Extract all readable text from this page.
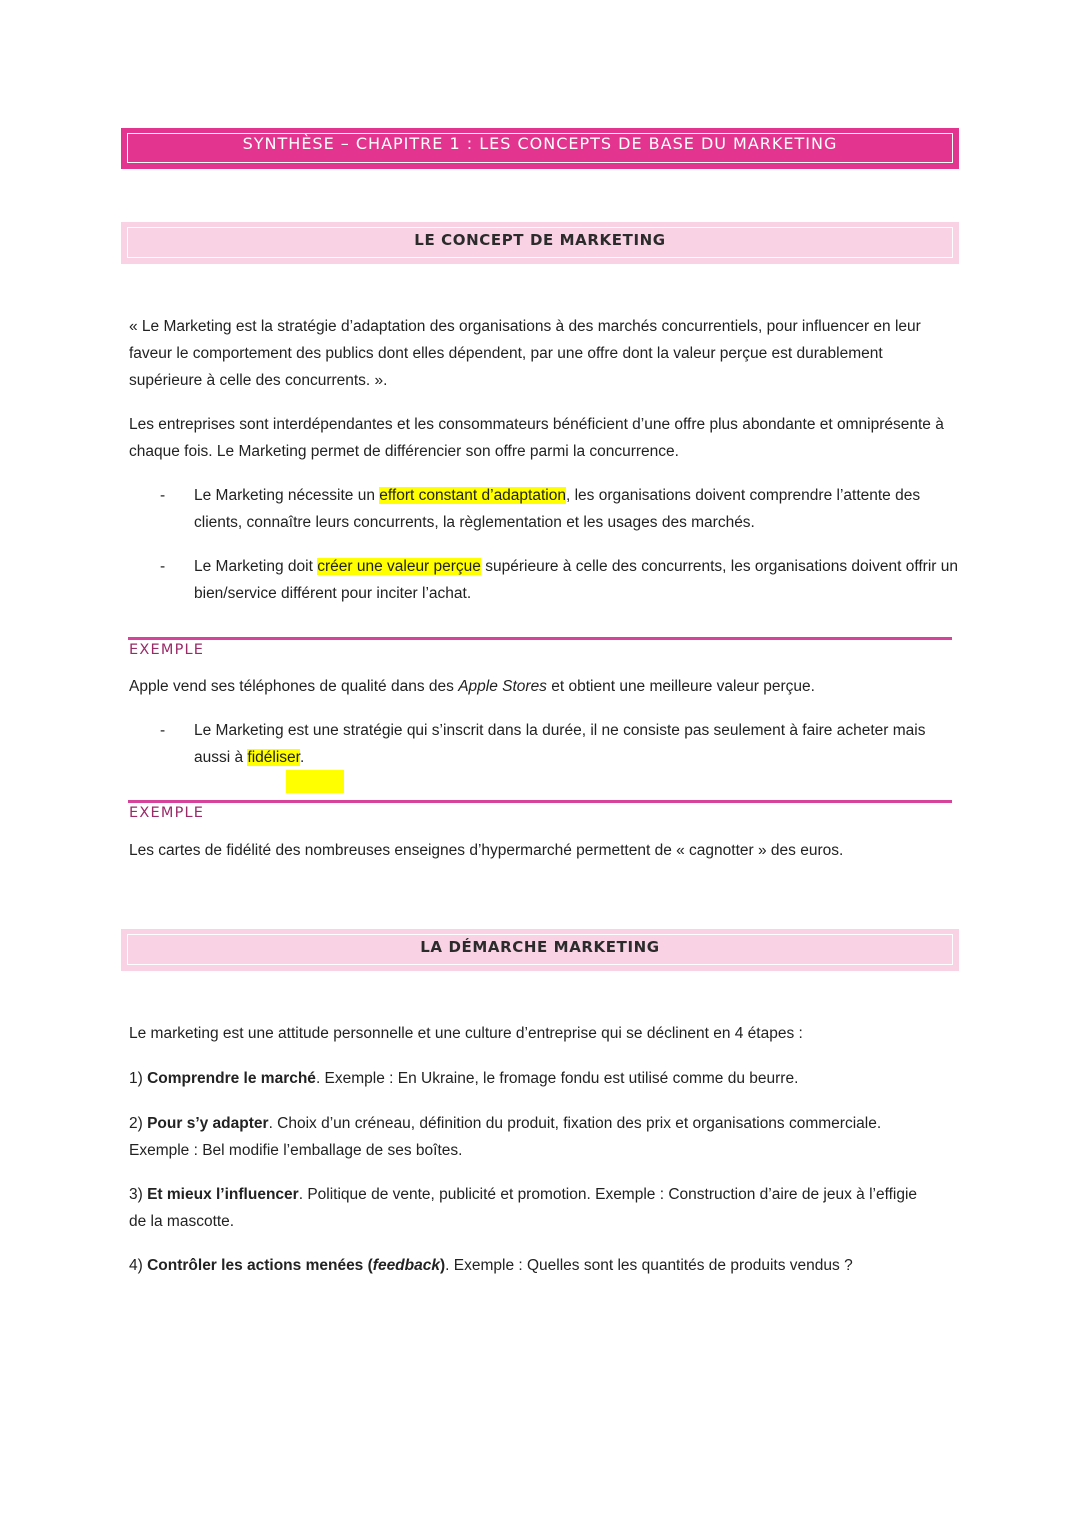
SYNTHÈSE – CHAPITRE 1 : LES CONCEPTS DE BASE DU MARKETING
LE CONCEPT DE MARKETING

« Le Marketing est la stratégie d’adaptation des organisations à des marchés concurrentiels, pour influencer en leur faveur le comportement des publics dont elles dépendent, par une offre dont la valeur perçue est durablement supérieure à celle des concurrents. ».

Les entreprises sont interdépendantes et les consommateurs bénéficient d’une offre plus abondante et omniprésente à chaque fois. Le Marketing permet de différencier son offre parmi la concurrence.

- Le Marketing nécessite un effort constant d’adaptation, les organisations doivent comprendre l’attente des clients, connaître leurs concurrents, la règlementation et les usages des marchés.
- Le Marketing doit créer une valeur perçue supérieure à celle des concurrents, les organisations doivent offrir un bien/service différent pour inciter l’achat.
EXEMPLE

Apple vend ses téléphones de qualité dans des Apple Stores et obtient une meilleure valeur perçue.

- Le Marketing est une stratégie qui s’inscrit dans la durée, il ne consiste pas seulement à faire acheter mais aussi à fidéliser.
EXEMPLE

Les cartes de fidélité des nombreuses enseignes d’hypermarché permettent de « cagnotter » des euros.

LA DÉMARCHE MARKETING

Le marketing est une attitude personnelle et une culture d’entreprise qui se déclinent en 4 étapes :

1) Comprendre le marché. Exemple : En Ukraine, le fromage fondu est utilisé comme du beurre.

2) Pour s’y adapter. Choix d’un créneau, définition du produit, fixation des prix et organisations commerciale. Exemple : Bel modifie l’emballage de ses boîtes.

3) Et mieux l’influencer. Politique de vente, publicité et promotion. Exemple : Construction d’aire de jeux à l’effigie de la mascotte.

4) Contrôler les actions menées (feedback). Exemple : Quelles sont les quantités de produits vendus ?
